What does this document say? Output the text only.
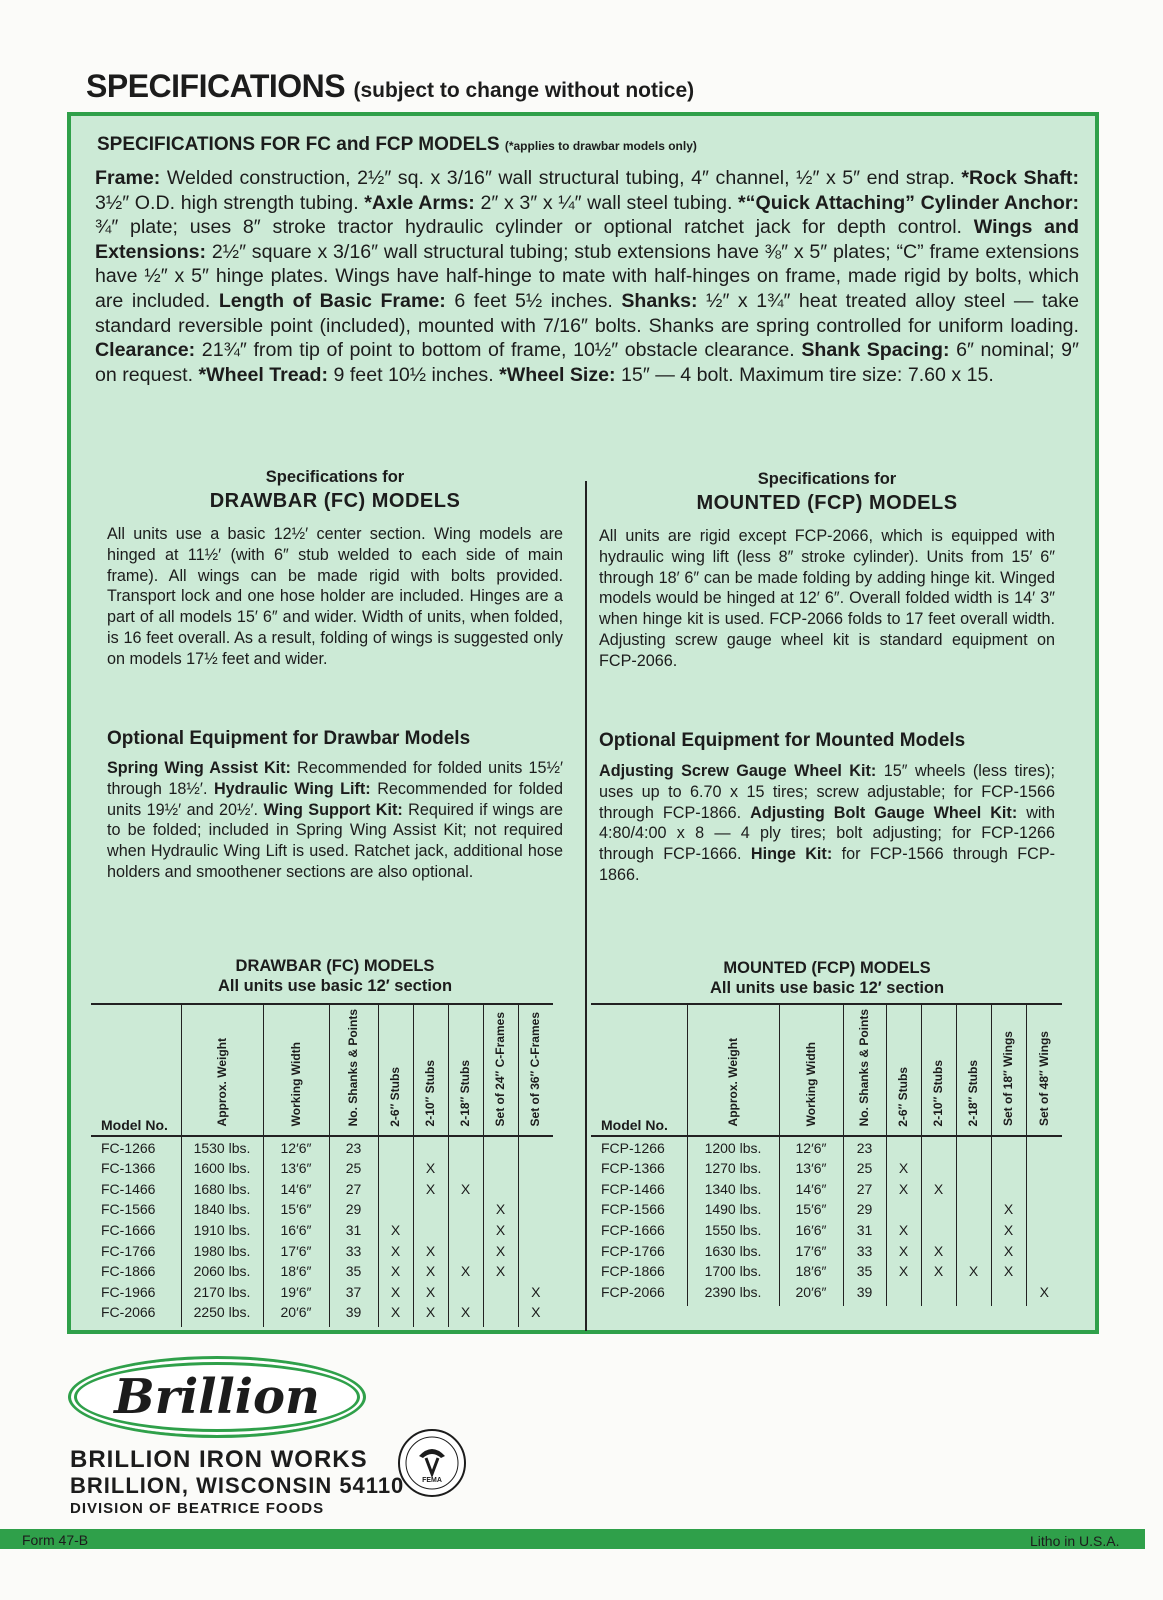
SPECIFICATIONS (subject to change without notice)
SPECIFICATIONS FOR FC and FCP MODELS (*applies to drawbar models only)

Frame: Welded construction, 2½″ sq. x 3/16″ wall structural tubing, 4″ channel, ½″ x 5″ end strap. *Rock Shaft: 3½″ O.D. high strength tubing. *Axle Arms: 2″ x 3″ x ¼″ wall steel tubing. *“Quick Attaching” Cylinder Anchor: ¾″ plate; uses 8″ stroke tractor hydraulic cylinder or optional ratchet jack for depth control. Wings and Extensions: 2½″ square x 3/16″ wall structural tubing; stub extensions have ⅜″ x 5″ plates; “C” frame extensions have ½″ x 5″ hinge plates. Wings have half-hinge to mate with half-hinges on frame, made rigid by bolts, which are included. Length of Basic Frame: 6 feet 5½ inches. Shanks: ½″ x 1¾″ heat treated alloy steel — take standard reversible point (included), mounted with 7/16″ bolts. Shanks are spring controlled for uniform loading. Clearance: 21¾″ from tip of point to bottom of frame, 10½″ obstacle clearance. Shank Spacing: 6″ nominal; 9″ on request. *Wheel Tread: 9 feet 10½ inches. *Wheel Size: 15″ — 4 bolt. Maximum tire size: 7.60 x 15.

Specifications for

DRAWBAR (FC) MODELS

All units use a basic 12½′ center section. Wing models are hinged at 11½′ (with 6″ stub welded to each side of main frame). All wings can be made rigid with bolts provided. Transport lock and one hose holder are included. Hinges are a part of all models 15′ 6″ and wider. Width of units, when folded, is 16 feet overall. As a result, folding of wings is suggested only on models 17½ feet and wider.

Optional Equipment for Drawbar Models

Spring Wing Assist Kit: Recommended for folded units 15½′ through 18½′. Hydraulic Wing Lift: Recommended for folded units 19½′ and 20½′. Wing Support Kit: Required if wings are to be folded; included in Spring Wing Assist Kit; not required when Hydraulic Wing Lift is used. Ratchet jack, additional hose holders and smoothener sections are also optional.

DRAWBAR (FC) MODELS
All units use basic 12′ section

Specifications for

MOUNTED (FCP) MODELS

All units are rigid except FCP-2066, which is equipped with hydraulic wing lift (less 8″ stroke cylinder). Units from 15′ 6″ through 18′ 6″ can be made folding by adding hinge kit. Winged models would be hinged at 12′ 6″. Overall folded width is 14′ 3″ when hinge kit is used. FCP-2066 folds to 17 feet overall width. Adjusting screw gauge wheel kit is standard equipment on FCP-2066.

Optional Equipment for Mounted Models

Adjusting Screw Gauge Wheel Kit: 15″ wheels (less tires); uses up to 6.70 x 15 tires; screw adjustable; for FCP-1566 through FCP-1866. Adjusting Bolt Gauge Wheel Kit: with 4:80/4:00 x 8 — 4 ply tires; bolt adjusting; for FCP-1266 through FCP-1666. Hinge Kit: for FCP-1566 through FCP-1866.

MOUNTED (FCP) MODELS
All units use basic 12′ section

Model No.	Approx. Weight	Working Width	No. Shanks & Points	2-6″ Stubs	2-10″ Stubs	2-18″ Stubs	Set of 24″ C-Frames	Set of 36″ C-Frames
FC-1266	1530 lbs.	12′6″	23					
FC-1366	1600 lbs.	13′6″	25		X			
FC-1466	1680 lbs.	14′6″	27		X	X		
FC-1566	1840 lbs.	15′6″	29				X	
FC-1666	1910 lbs.	16′6″	31	X			X	
FC-1766	1980 lbs.	17′6″	33	X	X		X	
FC-1866	2060 lbs.	18′6″	35	X	X	X	X	
FC-1966	2170 lbs.	19′6″	37	X	X			X
FC-2066	2250 lbs.	20′6″	39	X	X	X		X
Model No.	Approx. Weight	Working Width	No. Shanks & Points	2-6″ Stubs	2-10″ Stubs	2-18″ Stubs	Set of 18″ Wings	Set of 48″ Wings
FCP-1266	1200 lbs.	12′6″	23					
FCP-1366	1270 lbs.	13′6″	25	X				
FCP-1466	1340 lbs.	14′6″	27	X	X			
FCP-1566	1490 lbs.	15′6″	29				X	
FCP-1666	1550 lbs.	16′6″	31	X			X	
FCP-1766	1630 lbs.	17′6″	33	X	X		X	
FCP-1866	1700 lbs.	18′6″	35	X	X	X	X	
FCP-2066	2390 lbs.	20′6″	39					X
Brillion
BRILLION IRON WORKS
BRILLION, WISCONSIN 54110
DIVISION OF BEATRICE FOODS
FEMA
Form 47-B	Litho in U.S.A.
